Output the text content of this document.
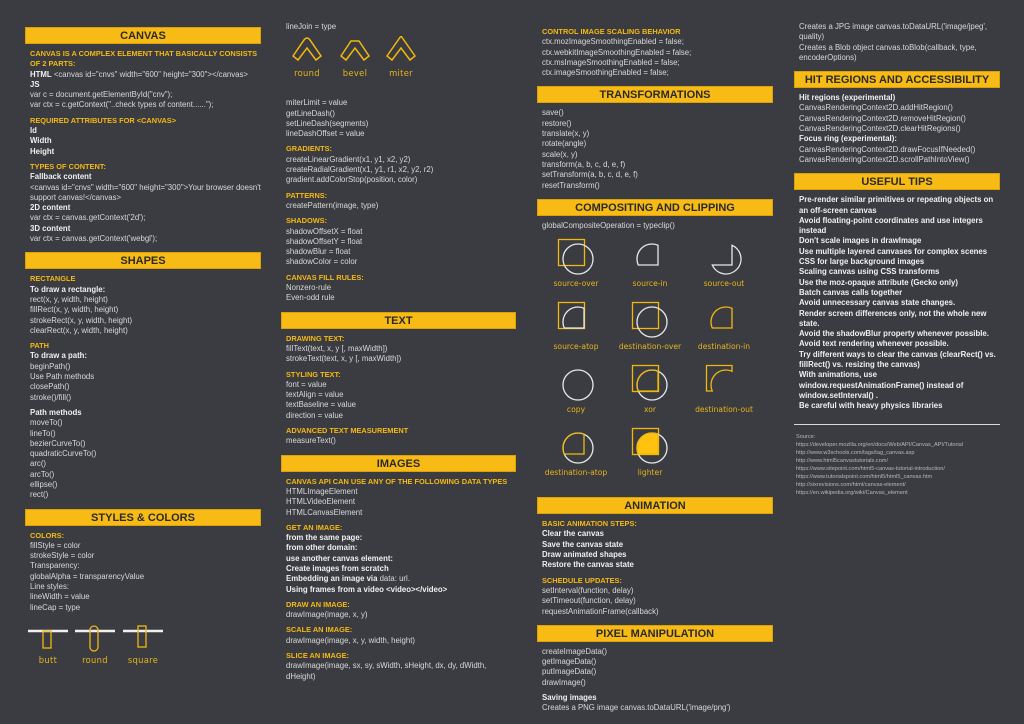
CANVAS
CANVAS IS A COMPLEX ELEMENT THAT BASICALLY CONSISTS OF 2 PARTS:
HTML <canvas id="cnvs" width="600" height="300"></canvas>
JS
var c = document.getElementById("cnv");
var ctx = c.getContext("..check types of content......");
REQUIRED ATTRIBUTES FOR <CANVAS>
Id
Width
Height
TYPES OF CONTENT:
Fallback content
<canvas id="cnvs" width="600" height="300">Your browser doesn't support canvas!</canvas>
2D content
var ctx = canvas.getContext('2d');
3D content
var ctx = canvas.getContext('webgl');
SHAPES
RECTANGLE
To draw a rectangle:
rect(x, y, width, height)
fillRect(x, y, width, height)
strokeRect(x, y, width, height)
clearRect(x, y, width, height)
PATH
To draw a path:
beginPath()
Use Path methods
closePath()
stroke()/fill()
Path methods
moveTo()
lineTo()
bezierCurveTo()
quadraticCurveTo()
arc()
arcTo()
ellipse()
rect()
STYLES & COLORS
COLORS:
fillStyle = color
strokeStyle = color
Transparency:
globalAlpha = transparencyValue
Line styles:
lineWidth = value
lineCap = type
butt	round	square
lineJoin = type
round	bevel	miter
miterLimit = value
getLineDash()
setLineDash(segments)
lineDashOffset = value
GRADIENTS:
createLinearGradient(x1, y1, x2, y2)
createRadialGradient(x1, y1, r1, x2, y2, r2)
gradient.addColorStop(position, color)
PATTERNS:
createPattern(image, type)
SHADOWS:
shadowOffsetX = float
shadowOffsetY = float
shadowBlur = float
shadowColor = color
CANVAS FILL RULES:
Nonzero-rule
Even-odd rule
TEXT
DRAWING TEXT:
fillText(text, x, y [, maxWidth])
strokeText(text, x, y [, maxWidth])
STYLING TEXT:
font = value
textAlign = value
textBaseline = value
direction = value
ADVANCED TEXT MEASUREMENT
measureText()
IMAGES
CANVAS API CAN USE ANY OF THE FOLLOWING DATA TYPES
HTMLImageElement
HTMLVideoElement
HTMLCanvasElement
GET AN IMAGE:
from the same page:
from other domain:
use another canvas element:
Create images from scratch
Embedding an image via data: url.
Using frames from a video <video></video>
DRAW AN IMAGE:
drawImage(image, x, y)
SCALE AN IMAGE:
drawImage(image, x, y, width, height)
SLICE AN IMAGE:
drawImage(image, sx, sy, sWidth, sHeight, dx, dy, dWidth, dHeight)
CONTROL IMAGE SCALING BEHAVIOR
ctx.mozImageSmoothingEnabled = false;
ctx.webkitImageSmoothingEnabled = false;
ctx.msImageSmoothingEnabled = false;
ctx.imageSmoothingEnabled = false;
TRANSFORMATIONS
save()
restore()
translate(x, y)
rotate(angle)
scale(x, y)
transform(a, b, c, d, e, f)
setTransform(a, b, c, d, e, f)
resetTransform()
COMPOSITING AND CLIPPING
globalCompositeOperation = typeclip()
source-over	source-in	source-out
source-atop	destination-over	destination-in
copy	xor	destination-out
destination-atop	lighter
ANIMATION
BASIC ANIMATION STEPS:
Clear the canvas
Save the canvas state
Draw animated shapes
Restore the canvas state
SCHEDULE UPDATES:
setInterval(function, delay)
setTimeout(function, delay)
requestAnimationFrame(callback)
PIXEL MANIPULATION
createImageData()
getImageData()
putImageData()
drawImage()
Saving images
Creates a PNG image canvas.toDataURL('image/png')
Creates a JPG image canvas.toDataURL('image/jpeg', quality)
Creates a Blob object canvas.toBlob(callback, type, encoderOptions)
HIT REGIONS AND ACCESSIBILITY
Hit regions (experimental)
CanvasRenderingContext2D.addHitRegion()
CanvasRenderingContext2D.removeHitRegion()
CanvasRenderingContext2D.clearHitRegions()
Focus ring (experimental):
CanvasRenderingContext2D.drawFocusIfNeeded()
CanvasRenderingContext2D.scrollPathIntoView()
USEFUL TIPS
Pre-render similar primitives or repeating objects on an off-screen canvas
Avoid floating-point coordinates and use integers instead
Don't scale images in drawImage
Use multiple layered canvases for complex scenes
CSS for large background images
Scaling canvas using CSS transforms
Use the moz-opaque attribute (Gecko only)
Batch canvas calls together
Avoid unnecessary canvas state changes.
Render screen differences only, not the whole new state.
Avoid the shadowBlur property whenever possible.
Avoid text rendering whenever possible.
Try different ways to clear the canvas (clearRect() vs. fillRect() vs. resizing the canvas)
With animations, use window.requestAnimationFrame() instead of window.setInterval() .
Be careful with heavy physics libraries
Source:
https://developer.mozilla.org/en/docs/Web/API/Canvas_API/Tutorial
http://www.w3schools.com/tags/tag_canvas.asp
http://www.html5canvastutorials.com/
https://www.sitepoint.com/html5-canvas-tutorial-introduction/
https://www.tutorialspoint.com/html5/html5_canvas.htm
http://sixrevisions.com/html/canvas-element/
https://en.wikipedia.org/wiki/Canvas_element
